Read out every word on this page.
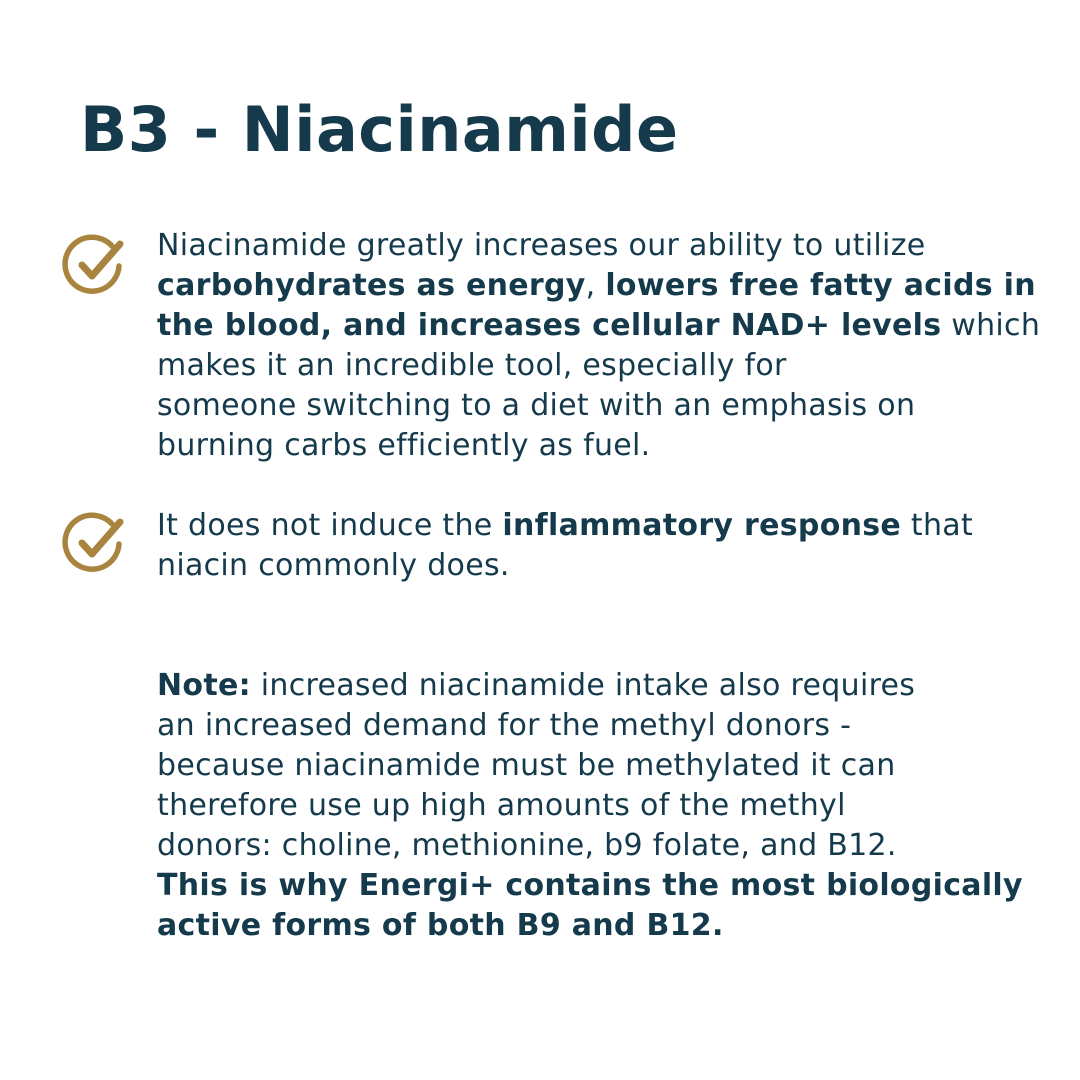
B3 - Niacinamide

Niacinamide greatly increases our ability to utilize
carbohydrates as energy, lowers free fatty acids in
the blood, and increases cellular NAD+ levels which
makes it an incredible tool, especially for
someone switching to a diet with an emphasis on
burning carbs efficiently as fuel.

It does not induce the inflammatory response that
niacin commonly does.

Note: increased niacinamide intake also requires
an increased demand for the methyl donors -
because niacinamide must be methylated it can
therefore use up high amounts of the methyl
donors: choline, methionine, b9 folate, and B12.
This is why Energi+ contains the most biologically
active forms of both B9 and B12.
